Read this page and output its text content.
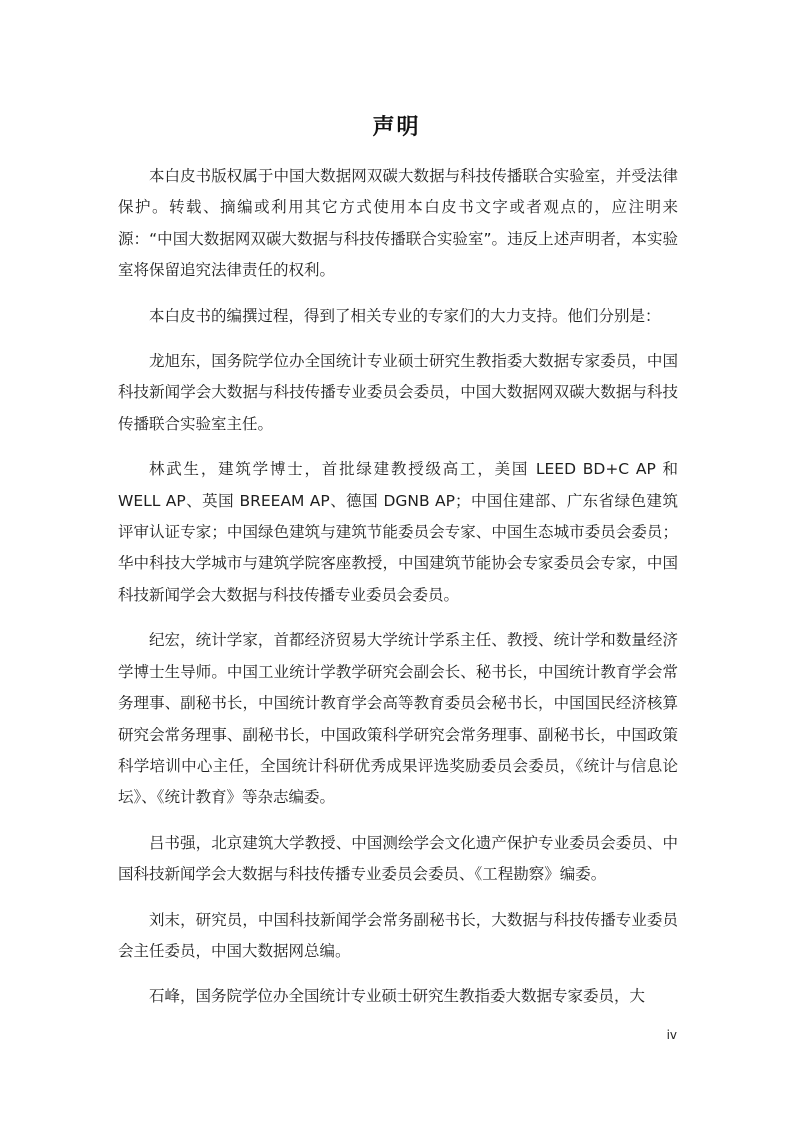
声明

本白皮书版权属于中国大数据网双碳大数据与科技传播联合实验室，并受法律保护。转载、摘编或利用其它方式使用本白皮书文字或者观点的，应注明来源：“中国大数据网双碳大数据与科技传播联合实验室”。违反上述声明者，本实验室将保留追究法律责任的权利。

本白皮书的编撰过程，得到了相关专业的专家们的大力支持。他们分别是：

龙旭东，国务院学位办全国统计专业硕士研究生教指委大数据专家委员，中国科技新闻学会大数据与科技传播专业委员会委员，中国大数据网双碳大数据与科技传播联合实验室主任。

林武生，建筑学博士，首批绿建教授级高工，美国 LEED BD+C AP 和 WELL AP、英国 BREEAM AP、德国 DGNB AP；中国住建部、广东省绿色建筑评审认证专家；中国绿色建筑与建筑节能委员会专家、中国生态城市委员会委员；华中科技大学城市与建筑学院客座教授，中国建筑节能协会专家委员会专家，中国科技新闻学会大数据与科技传播专业委员会委员。

纪宏，统计学家，首都经济贸易大学统计学系主任、教授、统计学和数量经济学博士生导师。中国工业统计学教学研究会副会长、秘书长，中国统计教育学会常务理事、副秘书长，中国统计教育学会高等教育委员会秘书长，中国国民经济核算研究会常务理事、副秘书长，中国政策科学研究会常务理事、副秘书长，中国政策科学培训中心主任，全国统计科研优秀成果评选奖励委员会委员，《统计与信息论坛》、《统计教育》等杂志编委。

吕书强，北京建筑大学教授、中国测绘学会文化遗产保护专业委员会委员、中国科技新闻学会大数据与科技传播专业委员会委员、《工程勘察》编委。

刘末，研究员，中国科技新闻学会常务副秘书长，大数据与科技传播专业委员会主任委员，中国大数据网总编。

石峰，国务院学位办全国统计专业硕士研究生教指委大数据专家委员，大

iv
